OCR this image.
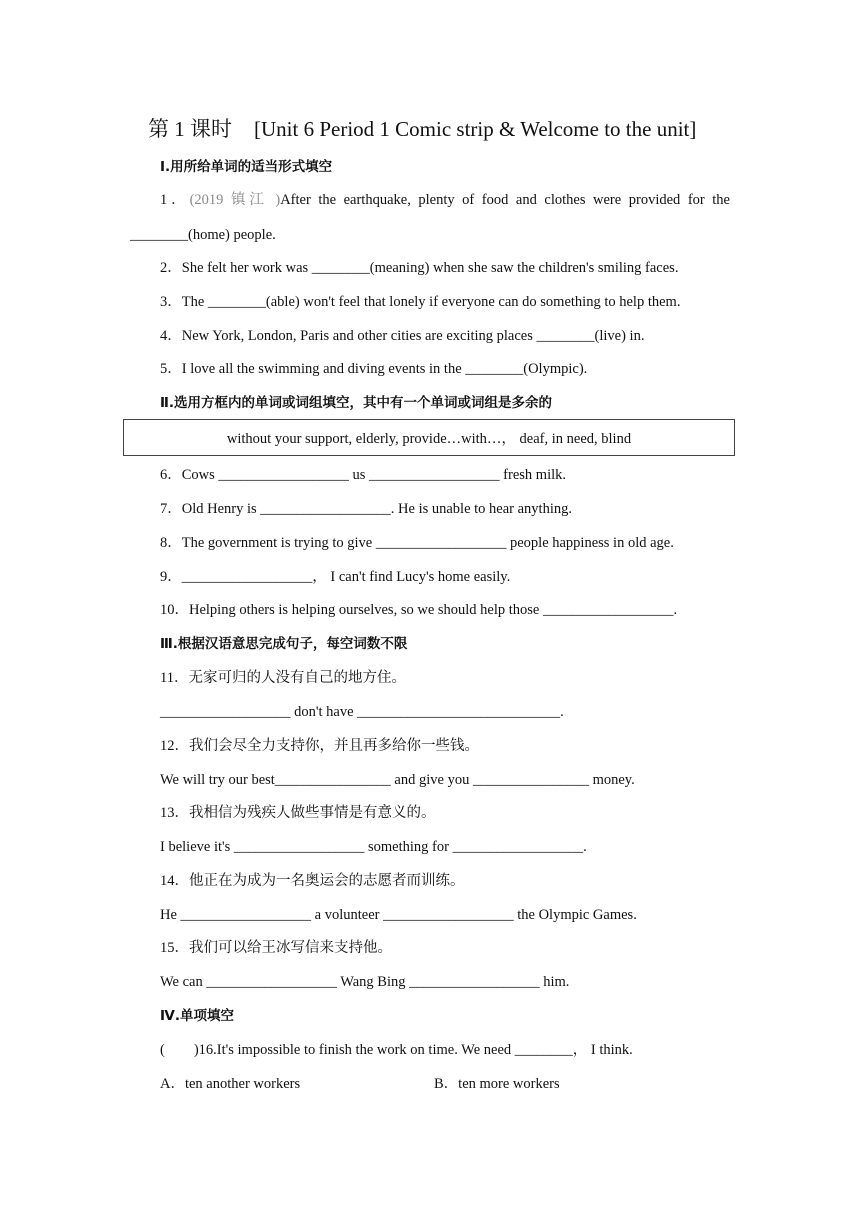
第 1 课时 [Unit 6 Period 1 Comic strip & Welcome to the unit]
Ⅰ.用所给单词的适当形式填空
1．(2019 镇江 )After the earthquake, plenty of food and clothes were provided for the
________(home) people.
2．She felt her work was ________(meaning) when she saw the children's smiling faces.
3．The ________(able) won't feel that lonely if everyone can do something to help them.
4．New York, London, Paris and other cities are exciting places ________(live) in.
5．I love all the swimming and diving events in the ________(Olympic).
Ⅱ.选用方框内的单词或词组填空，其中有一个单词或词组是多余的
without your support, elderly, provide…with…， deaf, in need, blind
6．Cows __________________ us __________________ fresh milk.
7．Old Henry is __________________. He is unable to hear anything.
8．The government is trying to give __________________ people happiness in old age.
9．__________________， I can't find Lucy's home easily.
10．Helping others is helping ourselves, so we should help those __________________.
Ⅲ.根据汉语意思完成句子，每空词数不限
11．无家可归的人没有自己的地方住。
__________________ don't have ____________________________.
12．我们会尽全力支持你，并且再多给你一些钱。
We will try our best________________ and give you ________________ money.
13．我相信为残疾人做些事情是有意义的。
I believe it's __________________ something for __________________.
14．他正在为成为一名奥运会的志愿者而训练。
He __________________ a volunteer __________________ the Olympic Games.
15．我们可以给王冰写信来支持他。
We can __________________ Wang Bing __________________ him.
Ⅳ.单项填空
(　　)16.It's impossible to finish the work on time. We need ________， I think.
A．ten another workers	B．ten more workers
